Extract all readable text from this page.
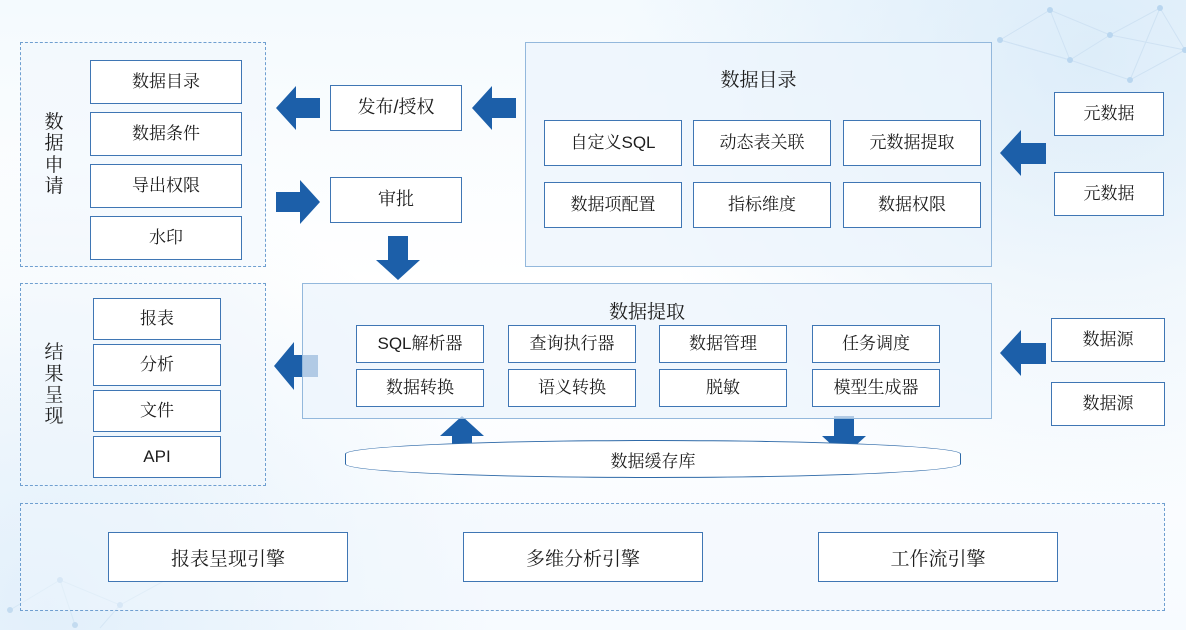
数
据
申
请
数据目录
数据条件
导出权限
水印
结
果
呈
现
报表
分析
文件
API
发布/授权
审批
数据目录
自定义SQL	动态表关联	元数据提取
数据项配置	指标维度	数据权限
数据提取
SQL解析器	查询执行器	数据管理	任务调度
数据转换	语义转换	脱敏	模型生成器
数据缓存库
元数据
元数据
数据源
数据源
报表呈现引擎	多维分析引擎	工作流引擎
